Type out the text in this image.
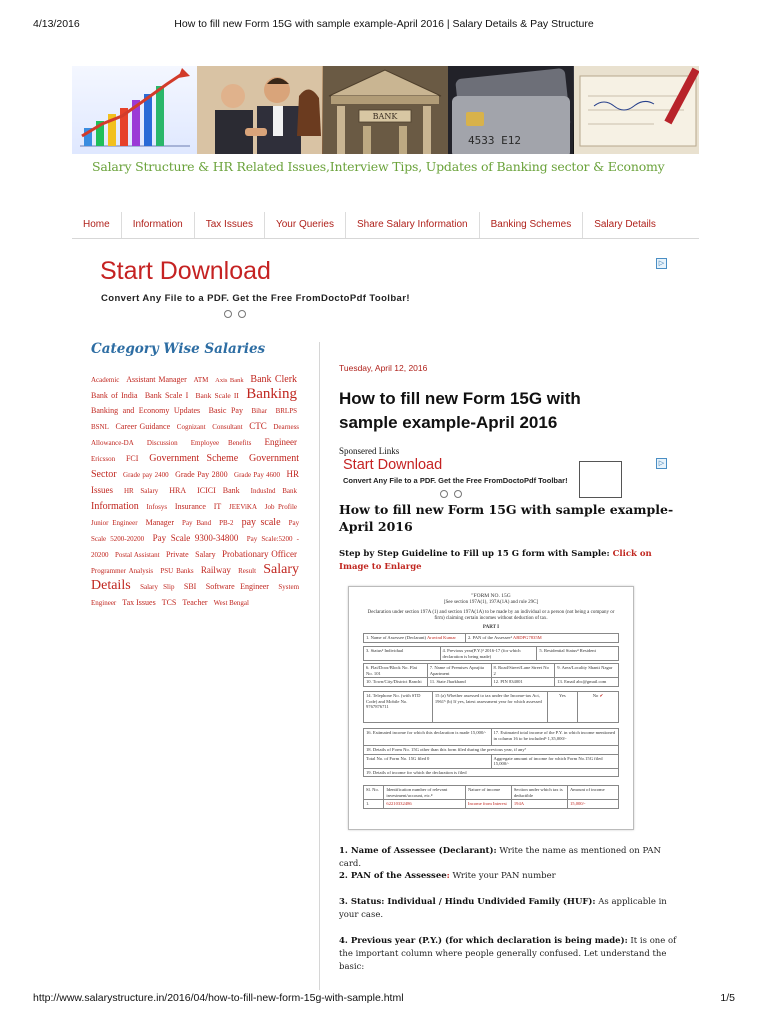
4/13/2016	How to fill new Form 15G with sample example-April 2016 | Salary Details & Pay Structure
BANK
4533 E12
Salary Structure & HR Related Issues,Interview Tips, Updates of Banking sector & Economy
Home	Information	Tax Issues	Your Queries	Share Salary Information	Banking Schemes	Salary Details
Start Download
Convert Any File to a PDF. Get the Free FromDoctoPdf Toolbar!
▷
Category Wise Salaries
Academic Assistant Manager ATM Axis Bank Bank Clerk Bank of India Bank Scale I Bank Scale II Banking Banking and Economy Updates Basic Pay Bihar BRLPS BSNL Career Guidance Cognizant Consultant CTC Dearness Allowance-DA Discussion Employee Benefits Engineer Ericsson FCI Government Scheme Government Sector Grade pay 2400 Grade Pay 2800 Grade Pay 4600 HR Issues HR Salary HRA ICICI Bank IndusInd Bank Information Infosys Insurance IT JEEViKA Job Profile Junior Engineer Manager Pay Band PB-2 pay scale Pay Scale 5200-20200 Pay Scale 9300-34800 Pay Scale:5200 - 20200 Postal Assistant Private Salary Probationary Officer Programmer Analysis PSU Banks Railway Result Salary Details Salary Slip SBI Software Engineer System Engineer Tax Issues TCS Teacher West Bengal
Tuesday, April 12, 2016
How to fill new Form 15G with sample example-April 2016
Sponsered Links
Start Download
Convert Any File to a PDF. Get the Free FromDoctoPdf Toolbar!
▷
How to fill new Form 15G with sample example-April 2016
Step by Step Guideline to Fill up 15 G form with Sample: Click on Image to Enlarge
"FORM NO. 15G
[See section 197A(1), 197A(1A) and rule 29C]
Declaration under section 197A (1) and section 197A(1A) to be made by an individual or a person (not being a company or firm) claiming certain incomes without deduction of tax.
PART I
1. Name of Assessee (Declarant) Aravind Kumar	2. PAN of the Assessee¹ ABDPG7835M
3. Status² Individual	4. Previous year(P.Y.)³ 2016-17 (for which declaration is being made)	5. Residential Status⁴ Resident
6. Flat/Door/Block No. Flat No. 101	7. Name of Premises Aprajita Apartment	8. Road/Street/Lane Street No 2	9. Area/Locality Shanti Nagar
10. Town/City/District Ranchi	11. State Jharkhand	12. PIN 834001	13. Email abc@gmail.com
14. Telephone No. (with STD Code) and Mobile No. 9767876711	15 (a) Whether assessed to tax under the Income-tax Act, 1961⁵ (b) If yes, latest assessment year for which assessed	Yes	No ✔
16. Estimated income for which this declaration is made 15,000/-	17. Estimated total income of the P.Y. in which income mentioned in column 16 to be included⁶ 1,35,000/-
18. Details of Form No. 15G other than this form filed during the previous year, if any⁷	
Total No. of Form No. 15G filed 0	Aggregate amount of income for which Form No.15G filed 15,000/-
19. Details of income for which the declaration is filed	
Sl. No.	Identification number of relevant investment/account, etc.⁸	Nature of income	Section under which tax is deductible	Amount of income
1.	62210332486	Income from Interest	194A	15,000/-
1. Name of Assessee (Declarant): Write the name as mentioned on PAN card.
2. PAN of the Assessee: Write your PAN number
3. Status: Individual / Hindu Undivided Family (HUF): As applicable in your case.
4. Previous year (P.Y.) (for which declaration is being made): It is one of the important column where people generally confused. Let understand the basic:
http://www.salarystructure.in/2016/04/how-to-fill-new-form-15g-with-sample.html	1/5
